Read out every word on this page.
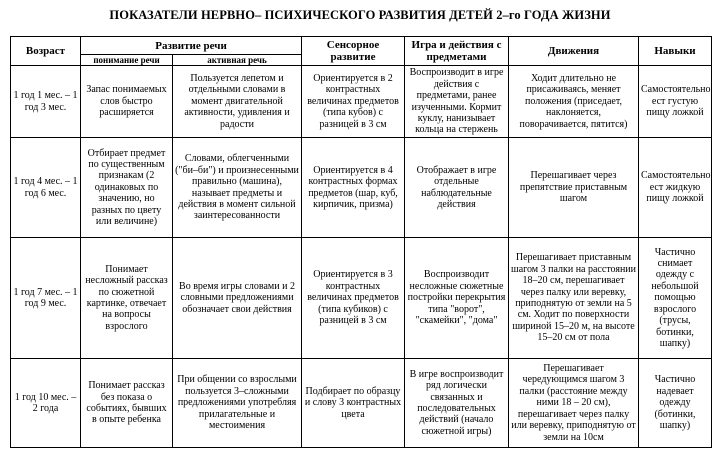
ПОКАЗАТЕЛИ НЕРВНО– ПСИХИЧЕСКОГО РАЗВИТИЯ ДЕТЕЙ 2–го ГОДА ЖИЗНИ
Возраст	Развитие речи		Сенсорное развитие	Игра и действия с предметами	Движения	Навыки
	понимание речи	активная речь				
1 год 1 мес. – 1 год 3 мес.	Запас понимаемых слов быстро расширяется	Пользуется лепетом и отдельными словами в момент двигательной активности, удивления и радости	Ориентируется в 2 контрастных величинах предметов (типа кубов) с разницей в 3 см	Воспроизводит в игре действия с предметами, ранее изученными. Кормит куклу, нанизывает кольца на стержень	Ходит длительно не присаживаясь, меняет положения (приседает, наклоняется, поворачивается, пятится)	Самостоятельно ест густую пищу ложкой
1 год 4 мес. – 1 год 6 мес.	Отбирает предмет по существенным признакам (2 одинаковых по значению, но разных по цвету или величине)	Словами, облегченными ("би–би") и произнесенными правильно (машина), называет предметы и действия в момент сильной заинтересованности	Ориентируется в 4 контрастных формах предметов (шар, куб, кирпичик, призма)	Отображает в игре отдельные наблюдательные действия	Перешагивает через препятствие приставным шагом	Самостоятельно ест жидкую пищу ложкой
1 год 7 мес. – 1 год 9 мес.	Понимает несложный рассказ по сюжетной картинке, отвечает на вопросы взрослого	Во время игры словами и 2 словными предложениями обозначает свои действия	Ориентируется в 3 контрастных величинах предметов (типа кубиков) с разницей в 3 см	Воспроизводит несложные сюжетные постройки перекрытия типа "ворот", "скамейки", "дома"	Перешагивает приставным шагом 3 палки на расстоянии 18–20 см, перешагивает через палку или веревку, приподнятую от земли на 5 см. Ходит по поверхности шириной 15–20 м, на высоте 15–20 см от пола	Частично снимает одежду с небольшой помощью взрослого (трусы, ботинки, шапку)
1 год 10 мес. – 2 года	Понимает рассказ без показа о событиях, бывших в опыте ребенка	При общении со взрослыми пользуется 3–сложными предложениями употребляя прилагательные и местоимения	Подбирает по образцу и слову 3 контрастных цвета	В игре воспроизводит ряд логически связанных и последовательных действий (начало сюжетной игры)	Перешагивает чередующимся шагом 3 палки (расстояние между ними 18 – 20 см), перешагивает через палку или веревку, приподнятую от земли на 10см	Частично надевает одежду (ботинки, шапку)
